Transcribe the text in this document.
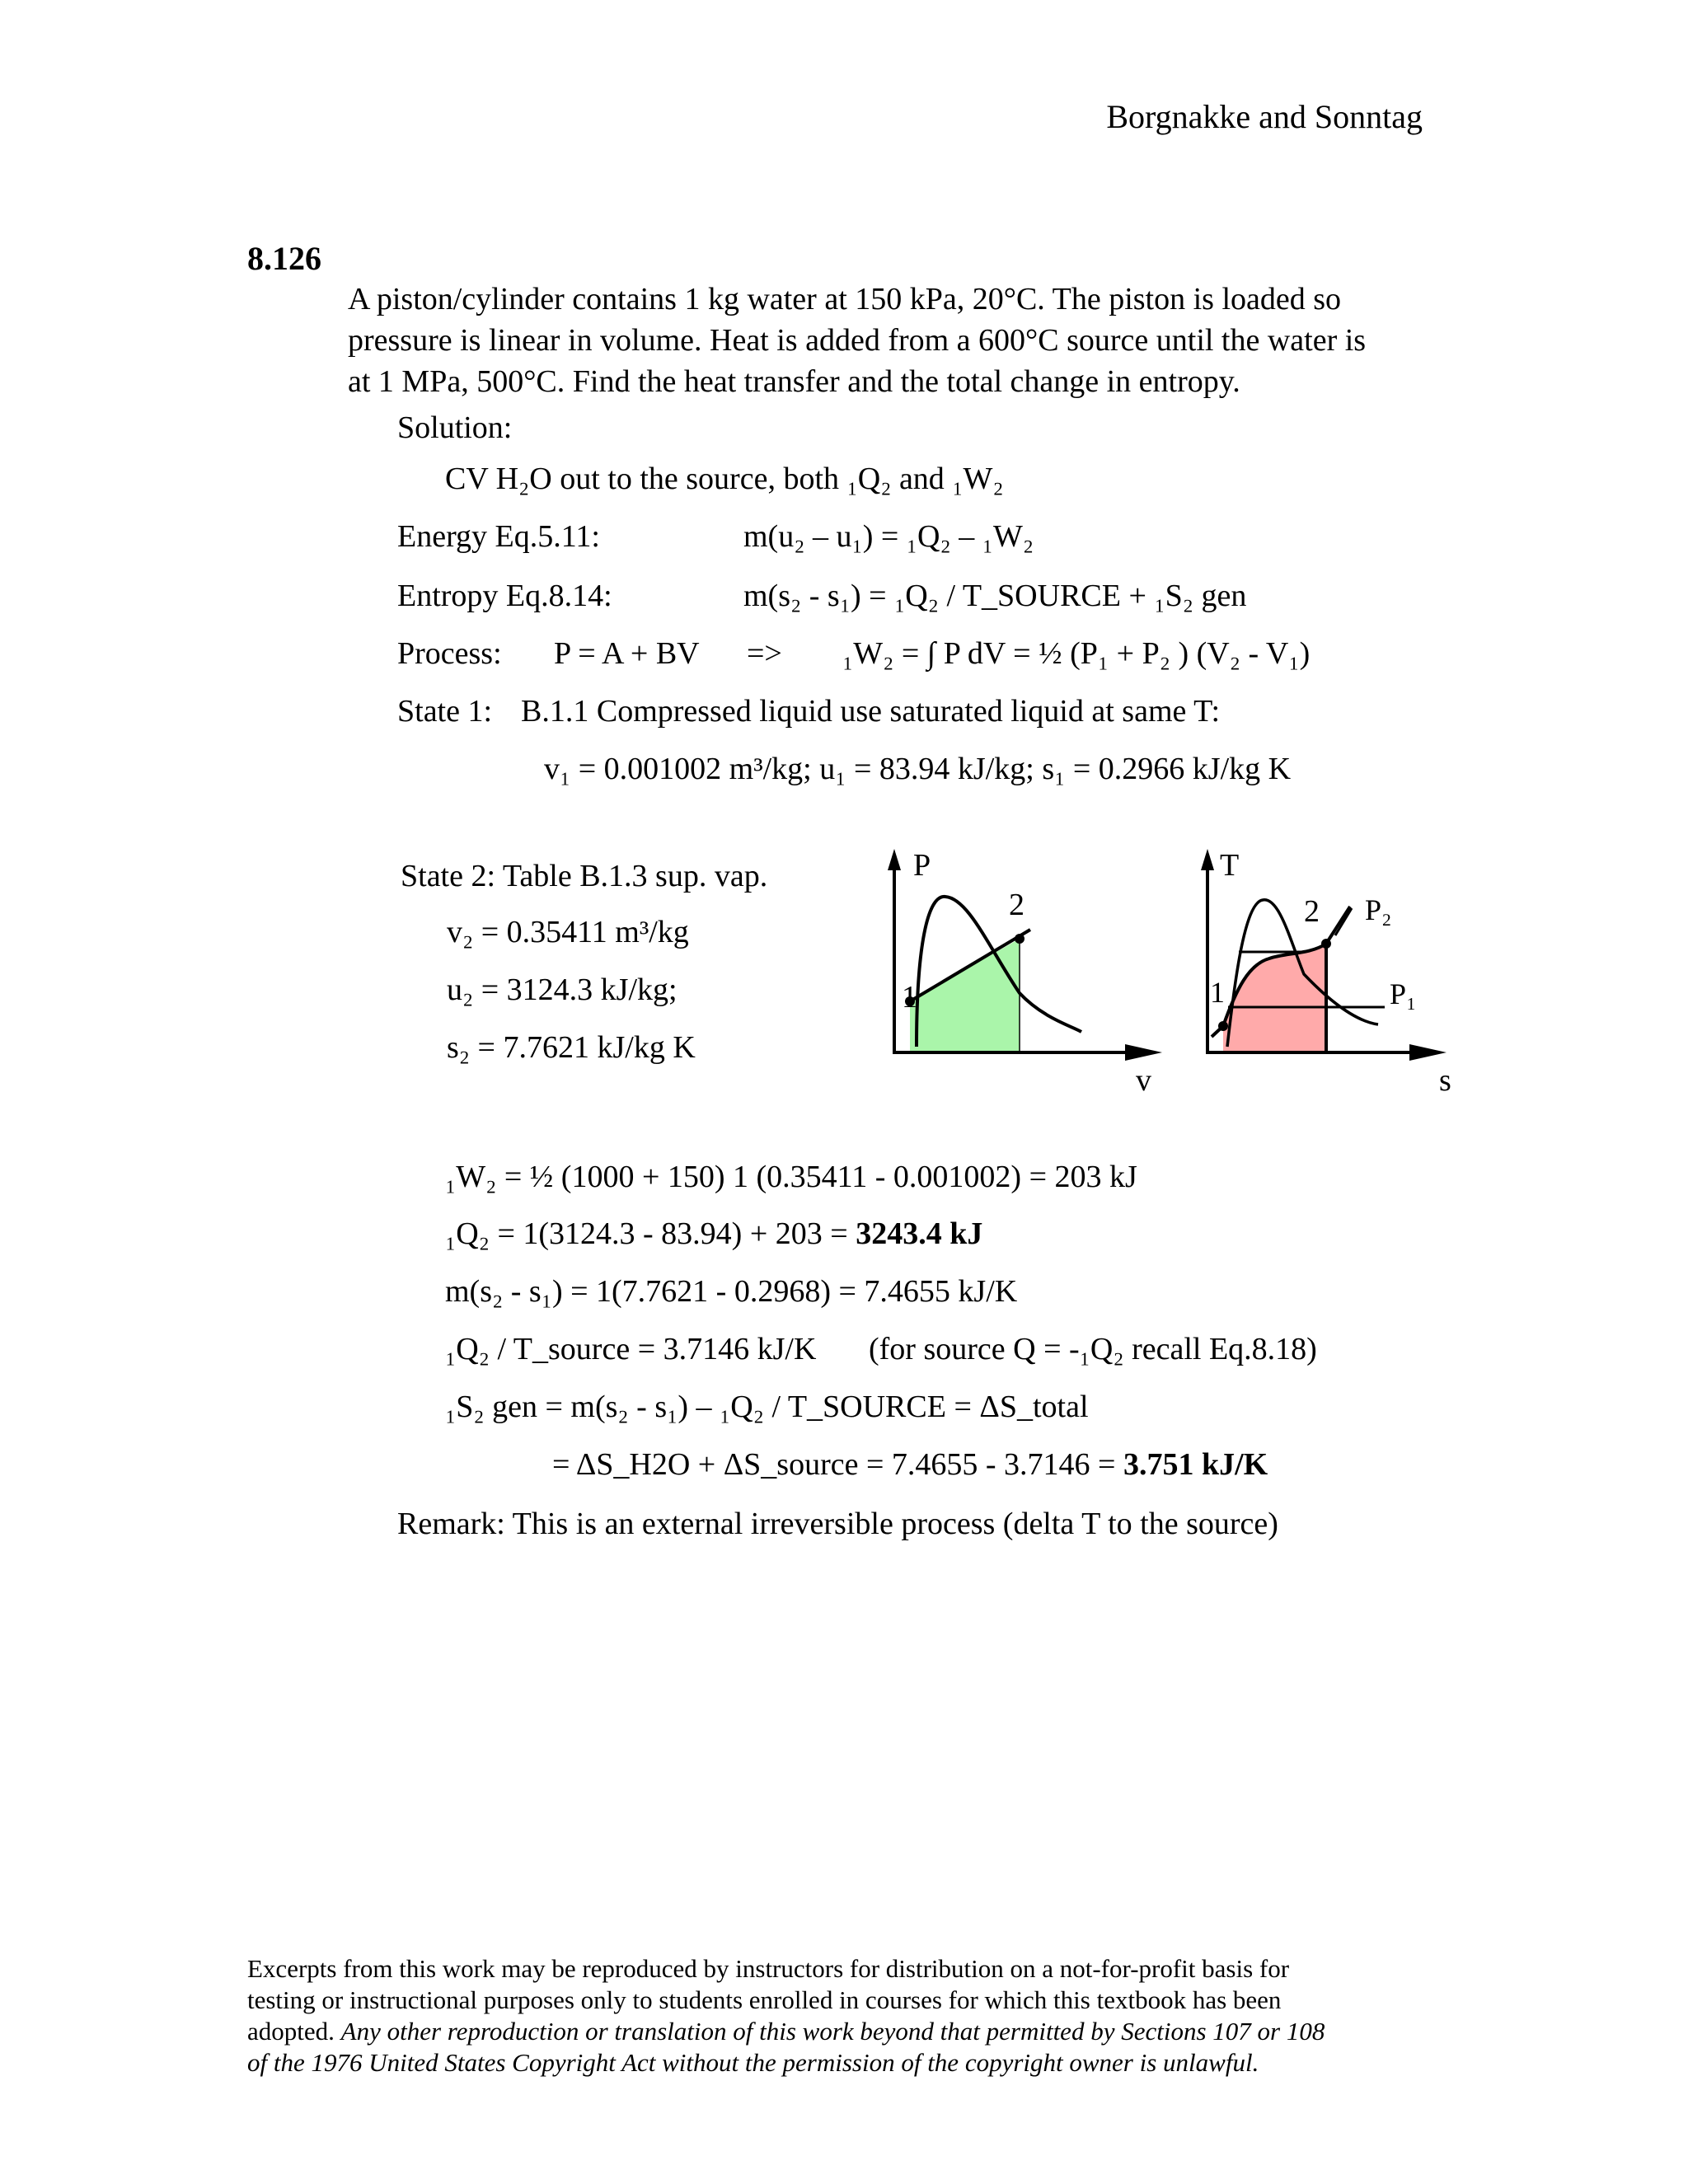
Borgnakke and Sonntag
8.126

A piston/cylinder contains 1 kg water at 150 kPa, 20°C. The piston is loaded so

pressure is linear in volume. Heat is added from a 600°C source until the water is

at 1 MPa, 500°C. Find the heat transfer and the total change in entropy.

Solution:
CV H₂O out to the source, both ₁Q₂ and ₁W₂
Energy Eq.5.11:	m(u₂ – u₁) = ₁Q₂ – ₁W₂
Entropy Eq.8.14:	m(s₂ - s₁) = ₁Q₂ / T_SOURCE + ₁S₂ gen
Process: P = A + BV => ₁W₂ = ∫ P dV = ½ (P₁ + P₂ ) (V₂ - V₁)
State 1: B.1.1 Compressed liquid use saturated liquid at same T:
v₁ = 0.001002 m³/kg; u₁ = 83.94 kJ/kg; s₁ = 0.2966 kJ/kg K
State 2: Table B.1.3 sup. vap.
v₂ = 0.35411 m³/kg
u₂ = 3124.3 kJ/kg;
s₂ = 7.7621 kJ/kg K
P
v
1
2
T
s
1
2 P₂
P₁
₁W₂ = ½ (1000 + 150) 1 (0.35411 - 0.001002) = 203 kJ
₁Q₂ = 1(3124.3 - 83.94) + 203 = 3243.4 kJ
m(s₂ - s₁) = 1(7.7621 - 0.2968) = 7.4655 kJ/K
₁Q₂ / T_source = 3.7146 kJ/K (for source Q = -₁Q₂ recall Eq.8.18)
₁S₂ gen = m(s₂ - s₁) – ₁Q₂ / T_SOURCE = ΔS_total
= ΔS_H2O + ΔS_source = 7.4655 - 3.7146 = 3.751 kJ/K
Remark: This is an external irreversible process (delta T to the source)

Excerpts from this work may be reproduced by instructors for distribution on a not-for-profit basis for

testing or instructional purposes only to students enrolled in courses for which this textbook has been

adopted. Any other reproduction or translation of this work beyond that permitted by Sections 107 or 108

of the 1976 United States Copyright Act without the permission of the copyright owner is unlawful.
